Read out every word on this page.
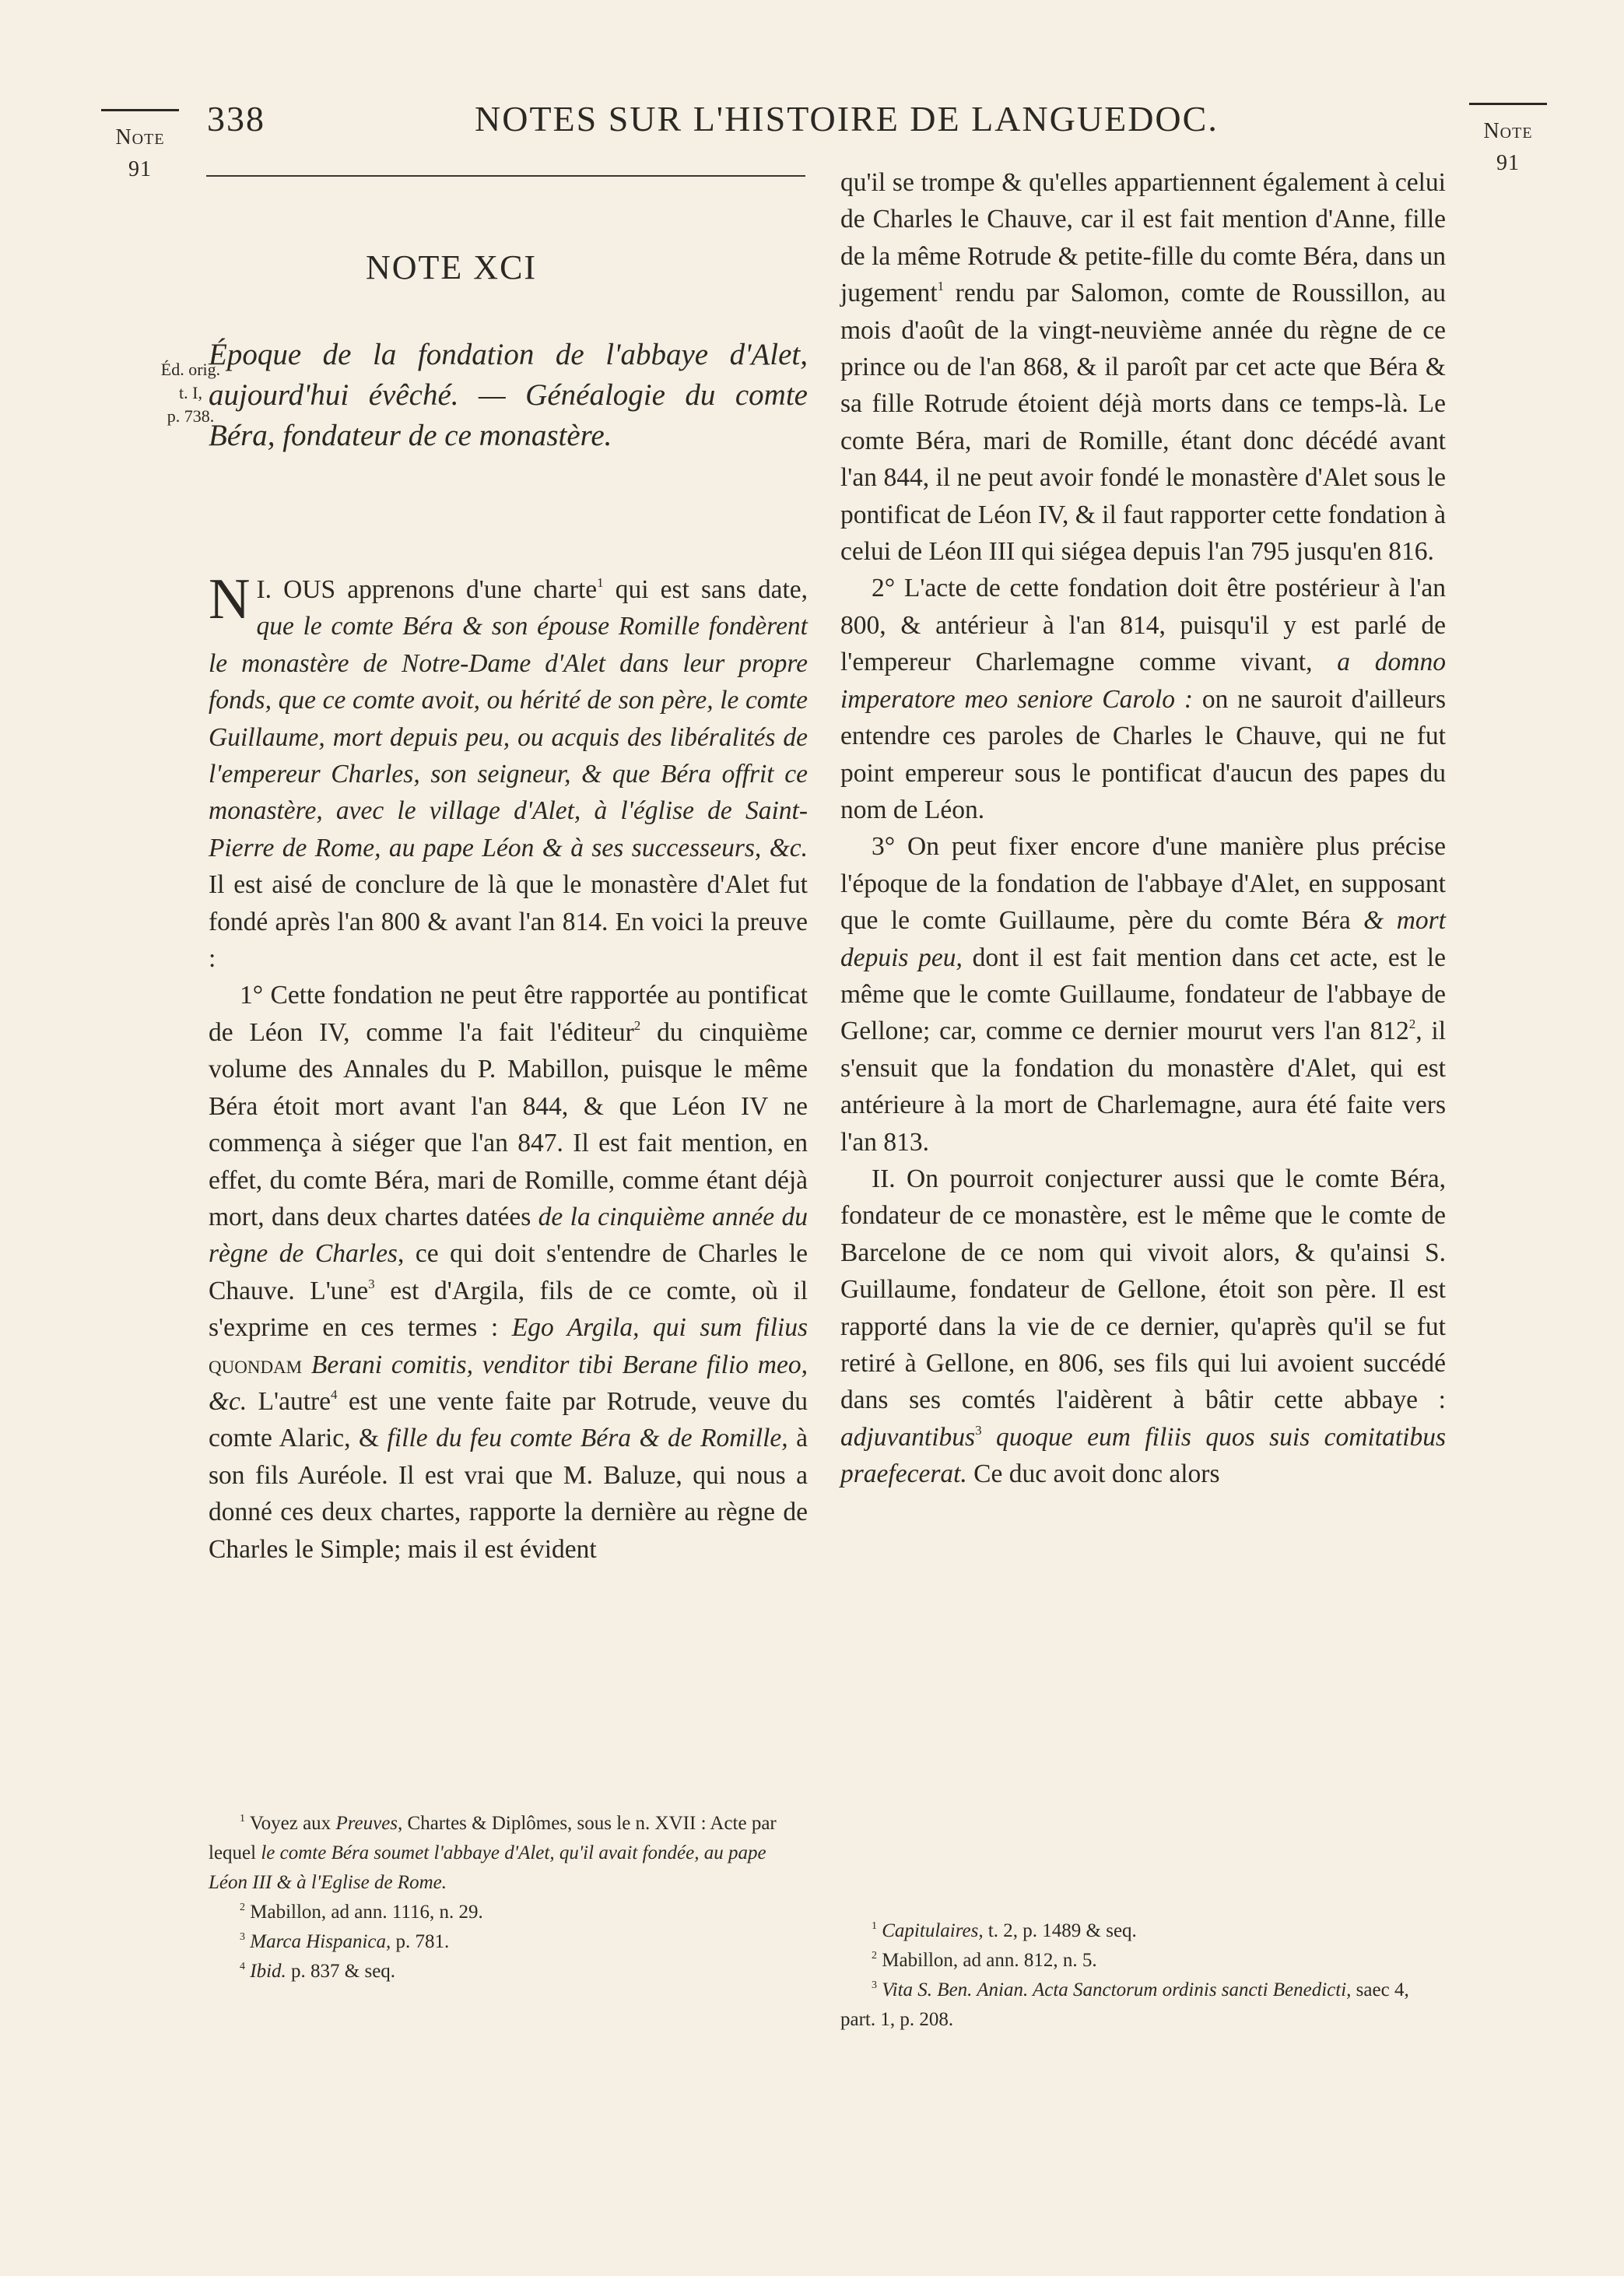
Note
91
Note
91
338	NOTES SUR L'HISTOIRE DE LANGUEDOC.
NOTE XCI
Éd. orig.
t. I,
p. 738.
Époque de la fondation de l'abbaye d'Alet, aujourd'hui évêché. — Généalogie du comte Béra, fondateur de ce monastère.

I.
N OUS apprenons d'une charte$^1$ qui est sans date, que le comte Béra & son épouse Romille fondèrent le monastère de Notre-Dame d'Alet dans leur propre fonds, que ce comte avoit, ou hérité de son père, le comte Guillaume, mort depuis peu, ou acquis des libéralités de l'empereur Charles, son seigneur, & que Béra offrit ce monastère, avec le village d'Alet, à l'église de Saint-Pierre de Rome, au pape Léon & à ses successeurs, &c. Il est aisé de conclure de là que le monastère d'Alet fut fondé après l'an 800 & avant l'an 814. En voici la preuve :

1° Cette fondation ne peut être rapportée au pontificat de Léon IV, comme l'a fait l'éditeur$^2$ du cinquième volume des Annales du P. Mabillon, puisque le même Béra étoit mort avant l'an 844, & que Léon IV ne commença à siéger que l'an 847. Il est fait mention, en effet, du comte Béra, mari de Romille, comme étant déjà mort, dans deux chartes datées de la cinquième année du règne de Charles, ce qui doit s'entendre de Charles le Chauve. L'une$^3$ est d'Argila, fils de ce comte, où il s'exprime en ces termes : Ego Argila, qui sum filius quondam Berani comitis, venditor tibi Berane filio meo, &c. L'autre$^4$ est une vente faite par Rotrude, veuve du comte Alaric, & fille du feu comte Béra & de Romille, à son fils Auréole. Il est vrai que M. Baluze, qui nous a donné ces deux chartes, rapporte la dernière au règne de Charles le Simple; mais il est évident

$^1$ Voyez aux Preuves, Chartes & Diplômes, sous le n. XVII : Acte par lequel le comte Béra soumet l'abbaye d'Alet, qu'il avait fondée, au pape Léon III & à l'Eglise de Rome.

$^2$ Mabillon, ad ann. 1116, n. 29.

$^3$ Marca Hispanica, p. 781.

$^4$ Ibid. p. 837 & seq.

qu'il se trompe & qu'elles appartiennent également à celui de Charles le Chauve, car il est fait mention d'Anne, fille de la même Rotrude & petite-fille du comte Béra, dans un jugement$^1$ rendu par Salomon, comte de Roussillon, au mois d'août de la vingt-neuvième année du règne de ce prince ou de l'an 868, & il paroît par cet acte que Béra & sa fille Rotrude étoient déjà morts dans ce temps-là. Le comte Béra, mari de Romille, étant donc décédé avant l'an 844, il ne peut avoir fondé le monastère d'Alet sous le pontificat de Léon IV, & il faut rapporter cette fondation à celui de Léon III qui siégea depuis l'an 795 jusqu'en 816.

2° L'acte de cette fondation doit être postérieur à l'an 800, & antérieur à l'an 814, puisqu'il y est parlé de l'empereur Charlemagne comme vivant, a domno imperatore meo seniore Carolo : on ne sauroit d'ailleurs entendre ces paroles de Charles le Chauve, qui ne fut point empereur sous le pontificat d'aucun des papes du nom de Léon.

3° On peut fixer encore d'une manière plus précise l'époque de la fondation de l'abbaye d'Alet, en supposant que le comte Guillaume, père du comte Béra & mort depuis peu, dont il est fait mention dans cet acte, est le même que le comte Guillaume, fondateur de l'abbaye de Gellone; car, comme ce dernier mourut vers l'an $812^2$, il s'ensuit que la fondation du monastère d'Alet, qui est antérieure à la mort de Charlemagne, aura été faite vers l'an 813.

II. On pourroit conjecturer aussi que le comte Béra, fondateur de ce monastère, est le même que le comte de Barcelone de ce nom qui vivoit alors, & qu'ainsi S. Guillaume, fondateur de Gellone, étoit son père. Il est rapporté dans la vie de ce dernier, qu'après qu'il se fut retiré à Gellone, en 806, ses fils qui lui avoient succédé dans ses comtés l'aidèrent à bâtir cette abbaye : adjuvantibus$^3$ quoque eum filiis quos suis comitatibus praefecerat. Ce duc avoit donc alors

$^1$ Capitulaires, t. 2, p. 1489 & seq.

$^2$ Mabillon, ad ann. 812, n. 5.

$^3$ Vita S. Ben. Anian. Acta Sanctorum ordinis sancti Benedicti, saec 4, part. 1, p. 208.
